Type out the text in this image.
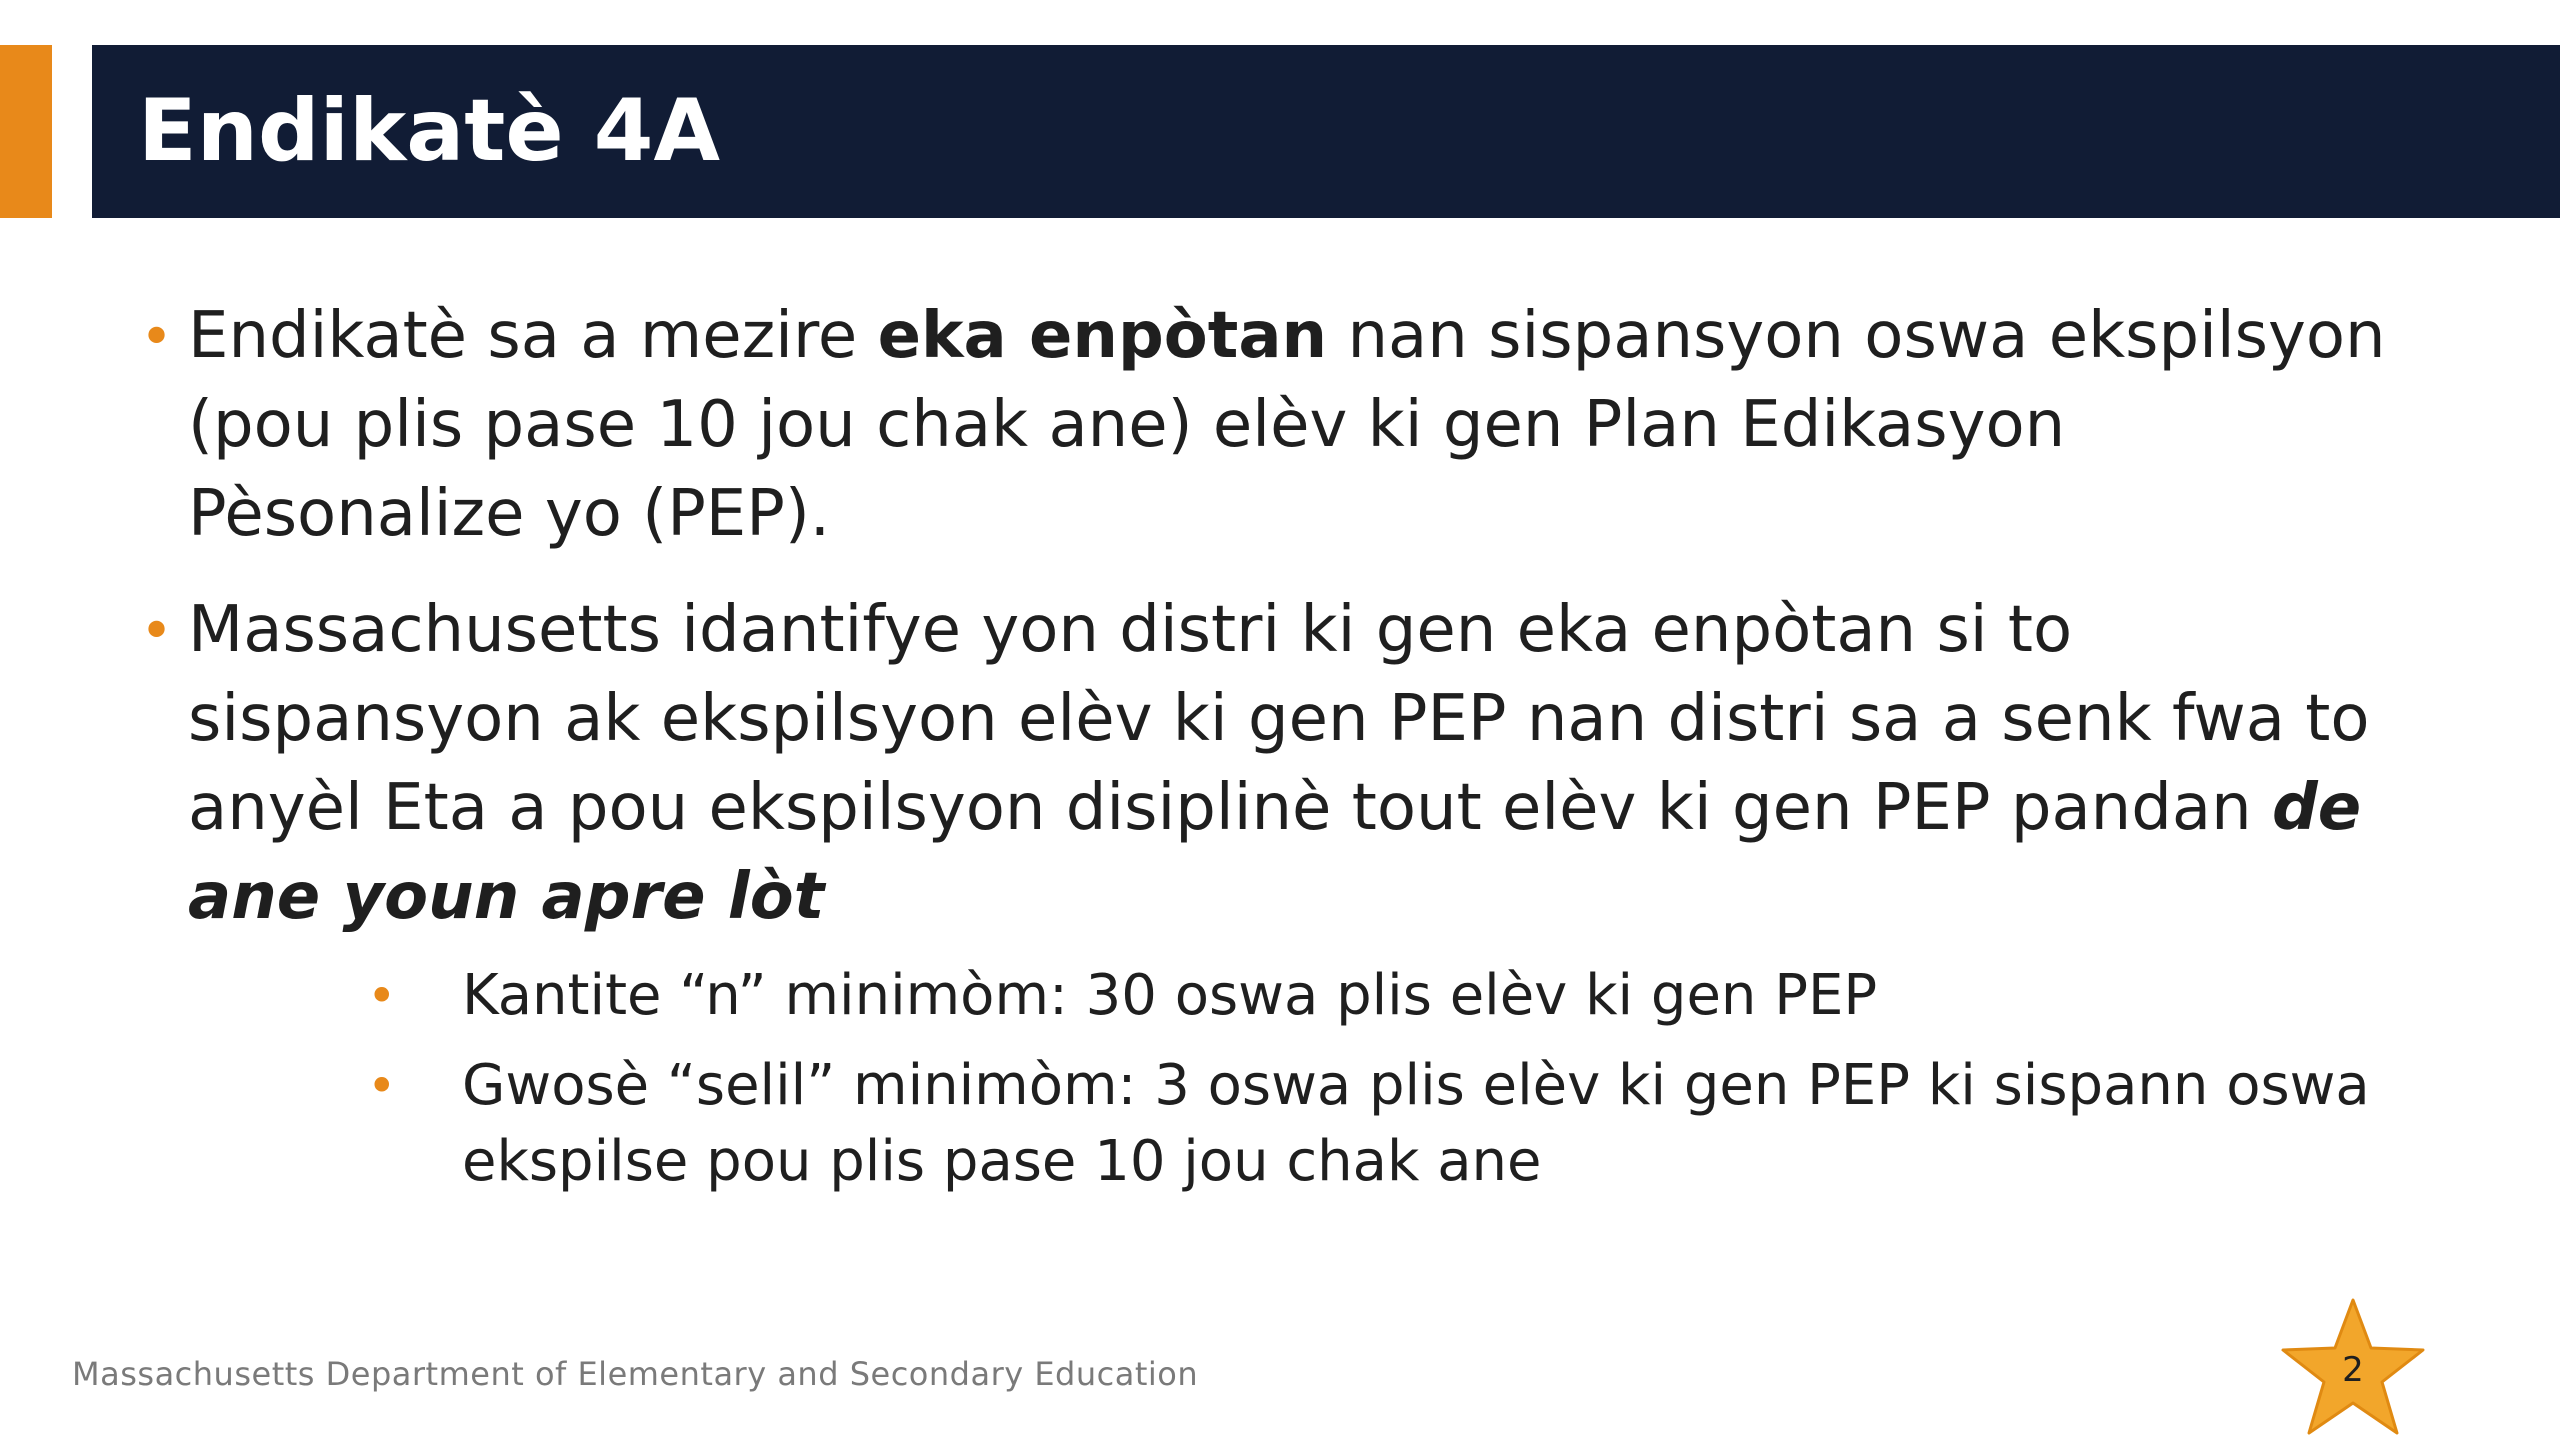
Endikatè 4A
• Endikatè sa a mezire eka enpòtan nan sispansyon oswa ekspilsyon (pou plis pase 10 jou chak ane) elèv ki gen Plan Edikasyon Pèsonalize yo (PEP).
• Massachusetts idantifye yon distri ki gen eka enpòtan si to sispansyon ak ekspilsyon elèv ki gen PEP nan distri sa a senk fwa to anyèl Eta a pou ekspilsyon disiplinè tout elèv ki gen PEP pandan de ane youn apre lòt
• Kantite “n” minimòm: 30 oswa plis elèv ki gen PEP
• Gwosè “selil” minimòm: 3 oswa plis elèv ki gen PEP ki sispann oswa ekspilse pou plis pase 10 jou chak ane
Massachusetts Department of Elementary and Secondary Education	2
